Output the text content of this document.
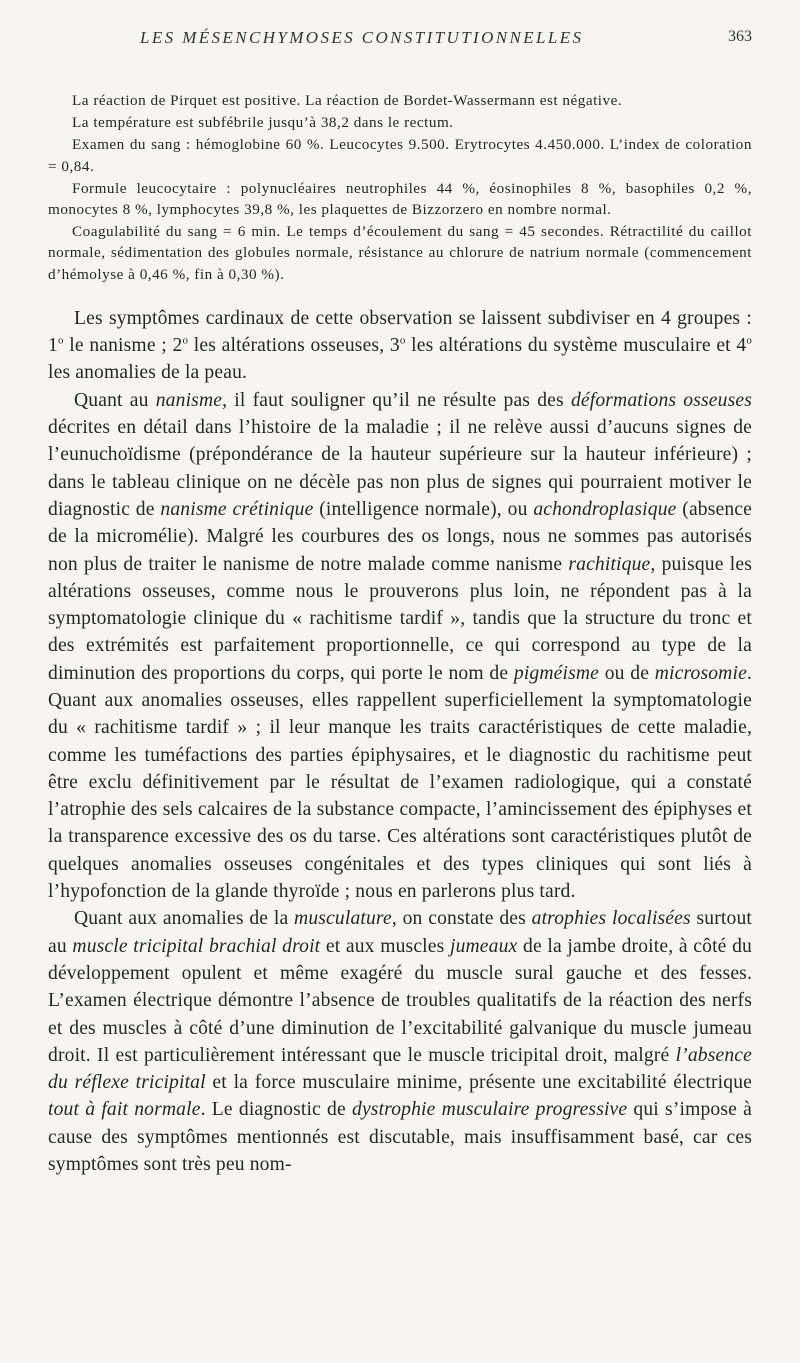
LES MÉSENCHYMOSES CONSTITUTIONNELLES	363

La réaction de Pirquet est positive. La réaction de Bordet-Wassermann est négative.

La température est subfébrile jusqu’à 38,2 dans le rectum.

Examen du sang : hémoglobine 60 %. Leucocytes 9.500. Erytrocytes 4.450.000. L’index de coloration = 0,84.

Formule leucocytaire : polynucléaires neutrophiles 44 %, éosinophiles 8 %, basophiles 0,2 %, monocytes 8 %, lymphocytes 39,8 %, les plaquettes de Bizzorzero en nombre normal.

Coagulabilité du sang = 6 min. Le temps d’écoulement du sang = 45 secondes. Rétractilité du caillot normale, sédimentation des globules normale, résistance au chlorure de natrium normale (commencement d’hémolyse à 0,46 %, fin à 0,30 %).

Les symptômes cardinaux de cette observation se laissent subdiviser en 4 groupes : 1$^o$ le nanisme ; 2$^o$ les altérations osseuses, 3$^o$ les altérations du système musculaire et 4$^o$ les anomalies de la peau.

Quant au nanisme, il faut souligner qu’il ne résulte pas des déformations osseuses décrites en détail dans l’histoire de la maladie ; il ne relève aussi d’aucuns signes de l’eunuchoïdisme (prépondérance de la hauteur supérieure sur la hauteur inférieure) ; dans le tableau clinique on ne décèle pas non plus de signes qui pourraient motiver le diagnostic de nanisme crétinique (intelligence normale), ou achondroplasique (absence de la micromélie). Malgré les courbures des os longs, nous ne sommes pas autorisés non plus de traiter le nanisme de notre malade comme nanisme rachitique, puisque les altérations osseuses, comme nous le prouverons plus loin, ne répondent pas à la symptomatologie clinique du « rachitisme tardif », tandis que la structure du tronc et des extrémités est parfaitement proportionnelle, ce qui correspond au type de la diminution des proportions du corps, qui porte le nom de pigméisme ou de microsomie. Quant aux anomalies osseuses, elles rappellent superficiellement la symptomatologie du « rachitisme tardif » ; il leur manque les traits caractéristiques de cette maladie, comme les tuméfactions des parties épiphysaires, et le diagnostic du rachitisme peut être exclu définitivement par le résultat de l’examen radiologique, qui a constaté l’atrophie des sels calcaires de la substance compacte, l’amincissement des épiphyses et la transparence excessive des os du tarse. Ces altérations sont caractéristiques plutôt de quelques anomalies osseuses congénitales et des types cliniques qui sont liés à l’hypofonction de la glande thyroïde ; nous en parlerons plus tard.

Quant aux anomalies de la musculature, on constate des atrophies localisées surtout au muscle tricipital brachial droit et aux muscles jumeaux de la jambe droite, à côté du développement opulent et même exagéré du muscle sural gauche et des fesses. L’examen électrique démontre l’absence de troubles qualitatifs de la réaction des nerfs et des muscles à côté d’une diminution de l’excitabilité galvanique du muscle jumeau droit. Il est particulièrement intéressant que le muscle tricipital droit, malgré l’absence du réflexe tricipital et la force musculaire minime, présente une excitabilité électrique tout à fait normale. Le diagnostic de dystrophie musculaire progressive qui s’impose à cause des symptômes mentionnés est discutable, mais insuffisamment basé, car ces symptômes sont très peu nom-
